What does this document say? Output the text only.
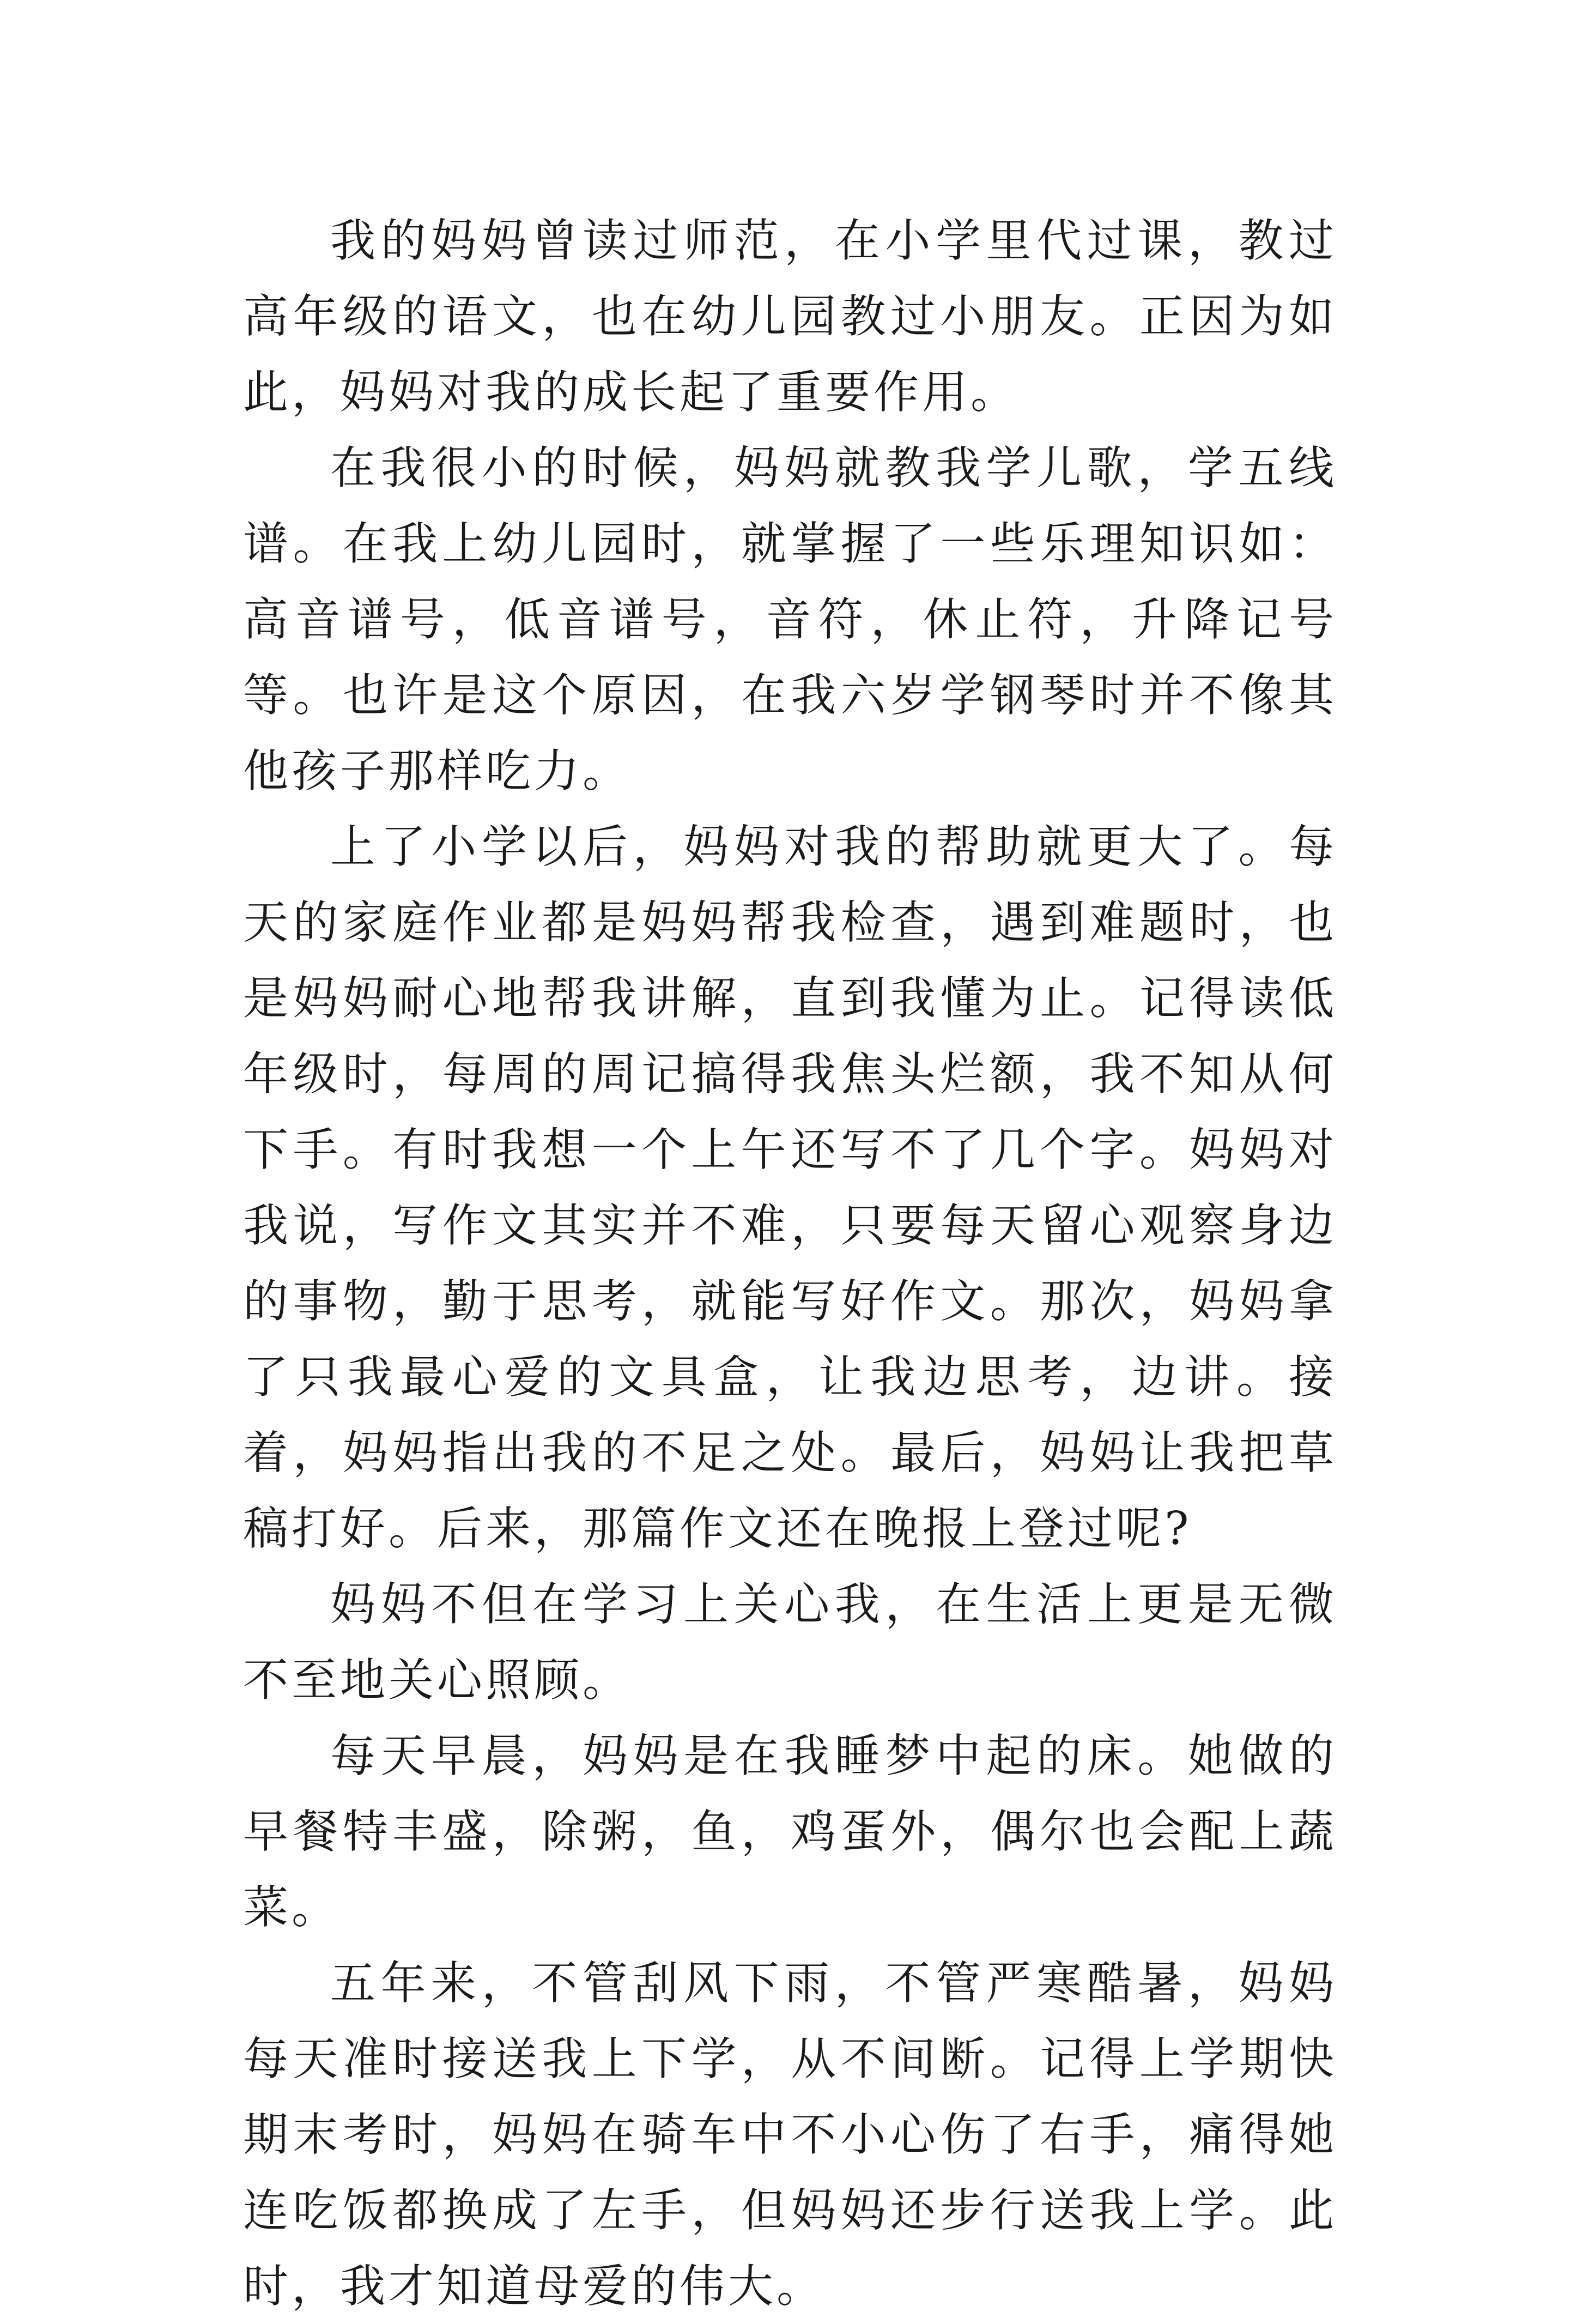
我的妈妈曾读过师范，在小学里代过课，教过高年级的语文，也在幼儿园教过小朋友。正因为如此，妈妈对我的成长起了重要作用。

在我很小的时候，妈妈就教我学儿歌，学五线谱。在我上幼儿园时，就掌握了一些乐理知识如：高音谱号，低音谱号，音符，休止符，升降记号等。也许是这个原因，在我六岁学钢琴时并不像其他孩子那样吃力。

上了小学以后，妈妈对我的帮助就更大了。每天的家庭作业都是妈妈帮我检查，遇到难题时，也是妈妈耐心地帮我讲解，直到我懂为止。记得读低年级时，每周的周记搞得我焦头烂额，我不知从何下手。有时我想一个上午还写不了几个字。妈妈对我说，写作文其实并不难，只要每天留心观察身边的事物，勤于思考，就能写好作文。那次，妈妈拿了只我最心爱的文具盒，让我边思考，边讲。接着，妈妈指出我的不足之处。最后，妈妈让我把草稿打好。后来，那篇作文还在晚报上登过呢?

妈妈不但在学习上关心我，在生活上更是无微不至地关心照顾。

每天早晨，妈妈是在我睡梦中起的床。她做的早餐特丰盛，除粥，鱼，鸡蛋外，偶尔也会配上蔬菜。

五年来，不管刮风下雨，不管严寒酷暑，妈妈每天准时接送我上下学，从不间断。记得上学期快期末考时，妈妈在骑车中不小心伤了右手，痛得她连吃饭都换成了左手，但妈妈还步行送我上学。此时，我才知道母爱的伟大。
